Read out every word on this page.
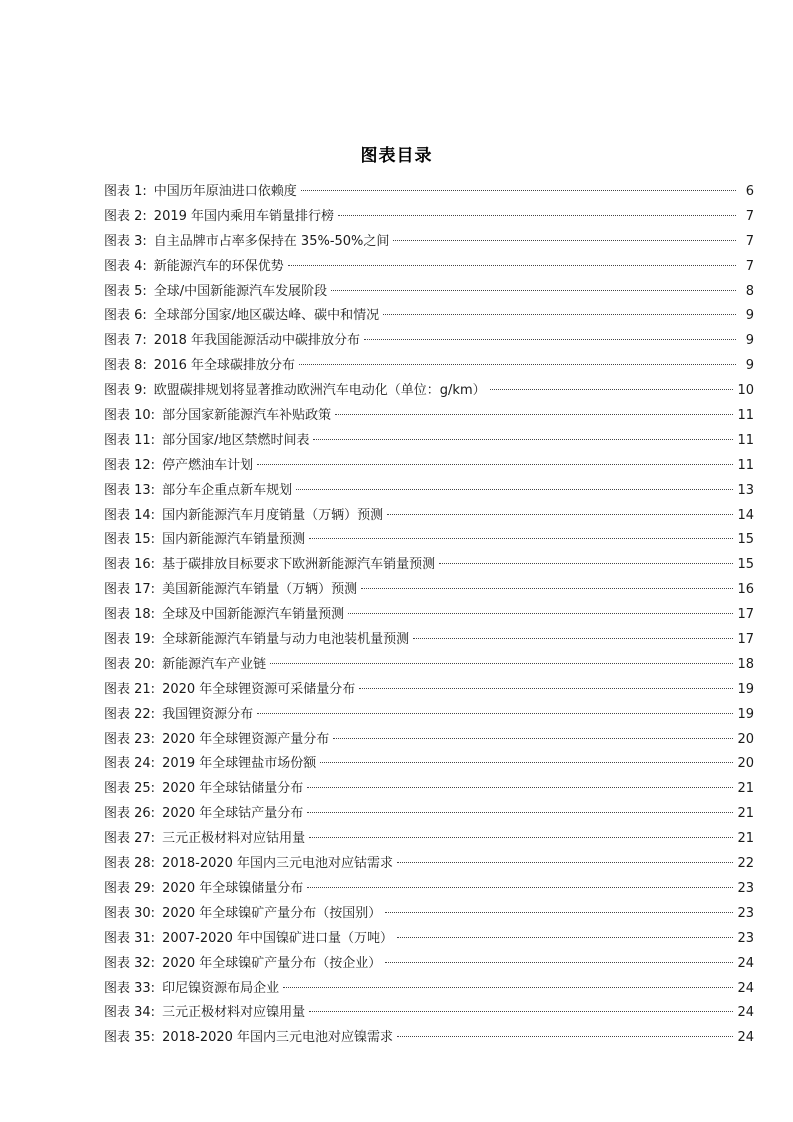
图表目录
图表 1: 中国历年原油进口依赖度	6
图表 2: 2019 年国内乘用车销量排行榜	7
图表 3: 自主品牌市占率多保持在 35%-50%之间	7
图表 4: 新能源汽车的环保优势	7
图表 5: 全球/中国新能源汽车发展阶段	8
图表 6: 全球部分国家/地区碳达峰、碳中和情况	9
图表 7: 2018 年我国能源活动中碳排放分布	9
图表 8: 2016 年全球碳排放分布	9
图表 9: 欧盟碳排规划将显著推动欧洲汽车电动化（单位：g/km）	10
图表 10: 部分国家新能源汽车补贴政策	11
图表 11: 部分国家/地区禁燃时间表	11
图表 12: 停产燃油车计划	11
图表 13: 部分车企重点新车规划	13
图表 14: 国内新能源汽车月度销量（万辆）预测	14
图表 15: 国内新能源汽车销量预测	15
图表 16: 基于碳排放目标要求下欧洲新能源汽车销量预测	15
图表 17: 美国新能源汽车销量（万辆）预测	16
图表 18: 全球及中国新能源汽车销量预测	17
图表 19: 全球新能源汽车销量与动力电池装机量预测	17
图表 20: 新能源汽车产业链	18
图表 21: 2020 年全球锂资源可采储量分布	19
图表 22: 我国锂资源分布	19
图表 23: 2020 年全球锂资源产量分布	20
图表 24: 2019 年全球锂盐市场份额	20
图表 25: 2020 年全球钴储量分布	21
图表 26: 2020 年全球钴产量分布	21
图表 27: 三元正极材料对应钴用量	21
图表 28: 2018-2020 年国内三元电池对应钴需求	22
图表 29: 2020 年全球镍储量分布	23
图表 30: 2020 年全球镍矿产量分布（按国别）	23
图表 31: 2007-2020 年中国镍矿进口量（万吨）	23
图表 32: 2020 年全球镍矿产量分布（按企业）	24
图表 33: 印尼镍资源布局企业	24
图表 34: 三元正极材料对应镍用量	24
图表 35: 2018-2020 年国内三元电池对应镍需求	24
